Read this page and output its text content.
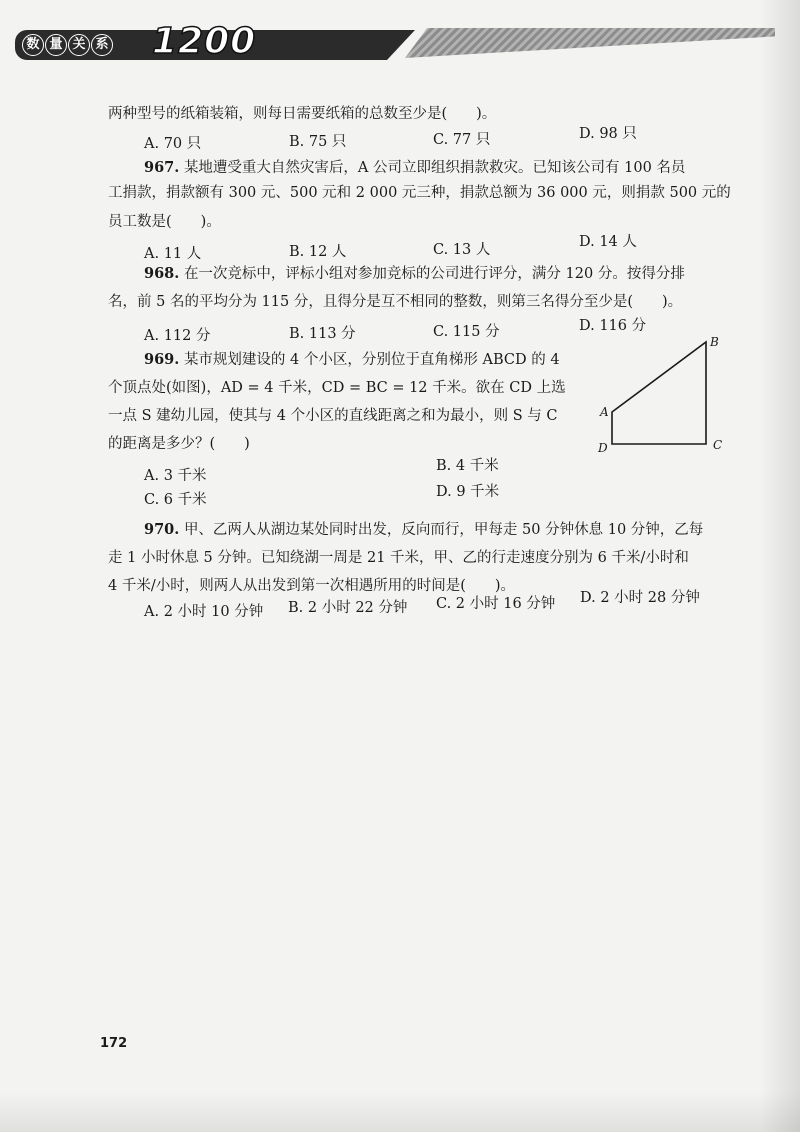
数 量 关 系 1200
两种型号的纸箱装箱，则每日需要纸箱的总数至少是(　　)。
A. 70 只	B. 75 只	C. 77 只	D. 98 只
967. 某地遭受重大自然灾害后，A 公司立即组织捐款救灾。已知该公司有 100 名员
工捐款，捐款额有 300 元、500 元和 2 000 元三种，捐款总额为 36 000 元，则捐款 500 元的
员工数是(　　)。
A. 11 人	B. 12 人	C. 13 人	D. 14 人
968. 在一次竞标中，评标小组对参加竞标的公司进行评分，满分 120 分。按得分排
名，前 5 名的平均分为 115 分，且得分是互不相同的整数，则第三名得分至少是(　　)。
A. 112 分	B. 113 分	C. 115 分	D. 116 分
969. 某市规划建设的 4 个小区，分别位于直角梯形 ABCD 的 4
个顶点处(如图)，AD = 4 千米，CD = BC = 12 千米。欲在 CD 上选
一点 S 建幼儿园，使其与 4 个小区的直线距离之和为最小，则 S 与 C
的距离是多少？(　　)
A. 3 千米
B. 4 千米
C. 6 千米	D. 9 千米
A
B
C
D
970. 甲、乙两人从湖边某处同时出发，反向而行，甲每走 50 分钟休息 10 分钟，乙每
走 1 小时休息 5 分钟。已知绕湖一周是 21 千米，甲、乙的行走速度分别为 6 千米/小时和
4 千米/小时，则两人从出发到第一次相遇所用的时间是(　　)。
A. 2 小时 10 分钟 B. 2 小时 22 分钟 C. 2 小时 16 分钟 D. 2 小时 28 分钟
172
